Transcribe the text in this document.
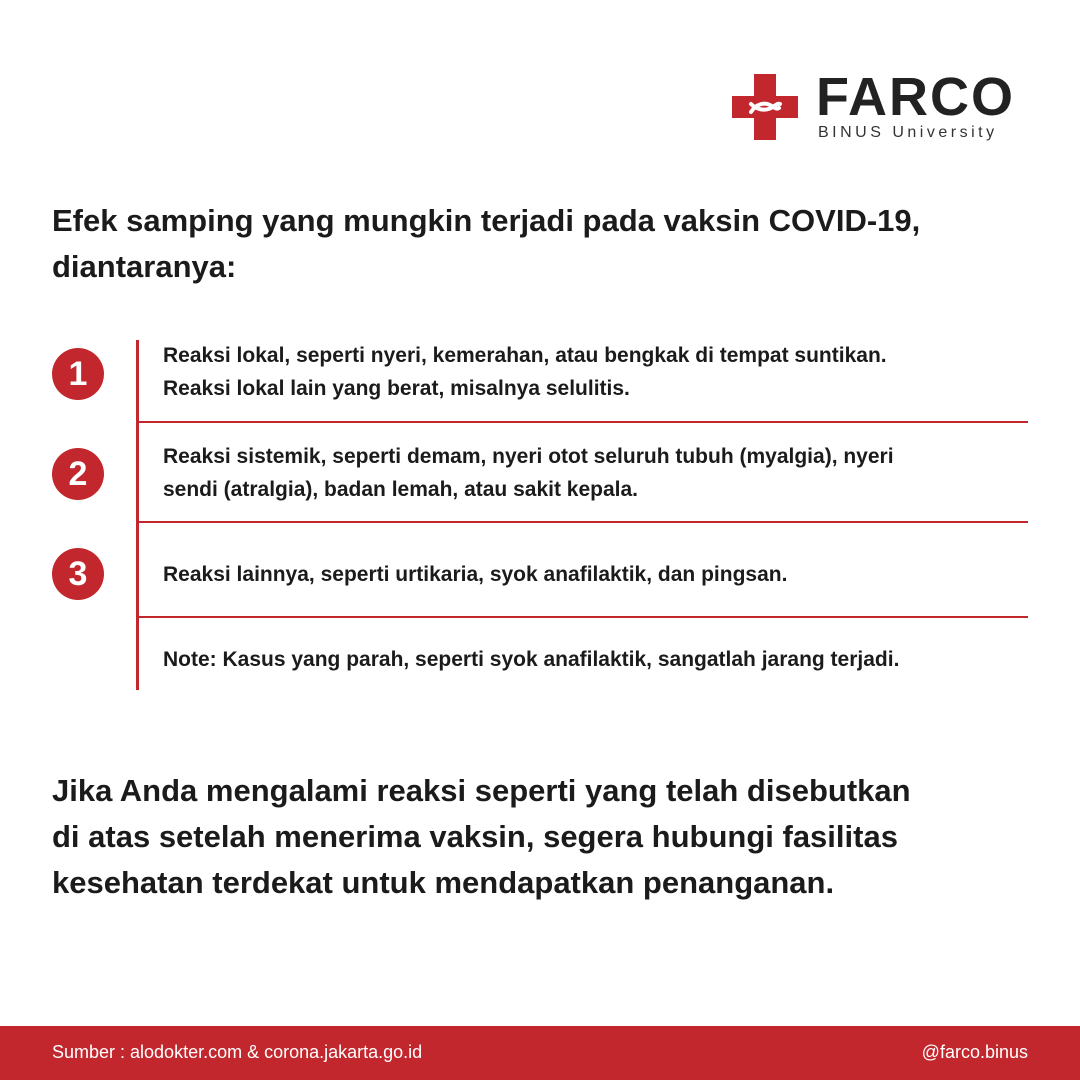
FARCO
BINUS University
Efek samping yang mungkin terjadi pada vaksin COVID-19,
diantaranya:
1	Reaksi lokal, seperti nyeri, kemerahan, atau bengkak di tempat suntikan.
Reaksi lokal lain yang berat, misalnya selulitis.
2	Reaksi sistemik, seperti demam, nyeri otot seluruh tubuh (myalgia), nyeri
sendi (atralgia), badan lemah, atau sakit kepala.
3	Reaksi lainnya, seperti urtikaria, syok anafilaktik, dan pingsan.
Note: Kasus yang parah, seperti syok anafilaktik, sangatlah jarang terjadi.
Jika Anda mengalami reaksi seperti yang telah disebutkan
di atas setelah menerima vaksin, segera hubungi fasilitas
kesehatan terdekat untuk mendapatkan penanganan.
Sumber : alodokter.com & corona.jakarta.go.id	@farco.binus
